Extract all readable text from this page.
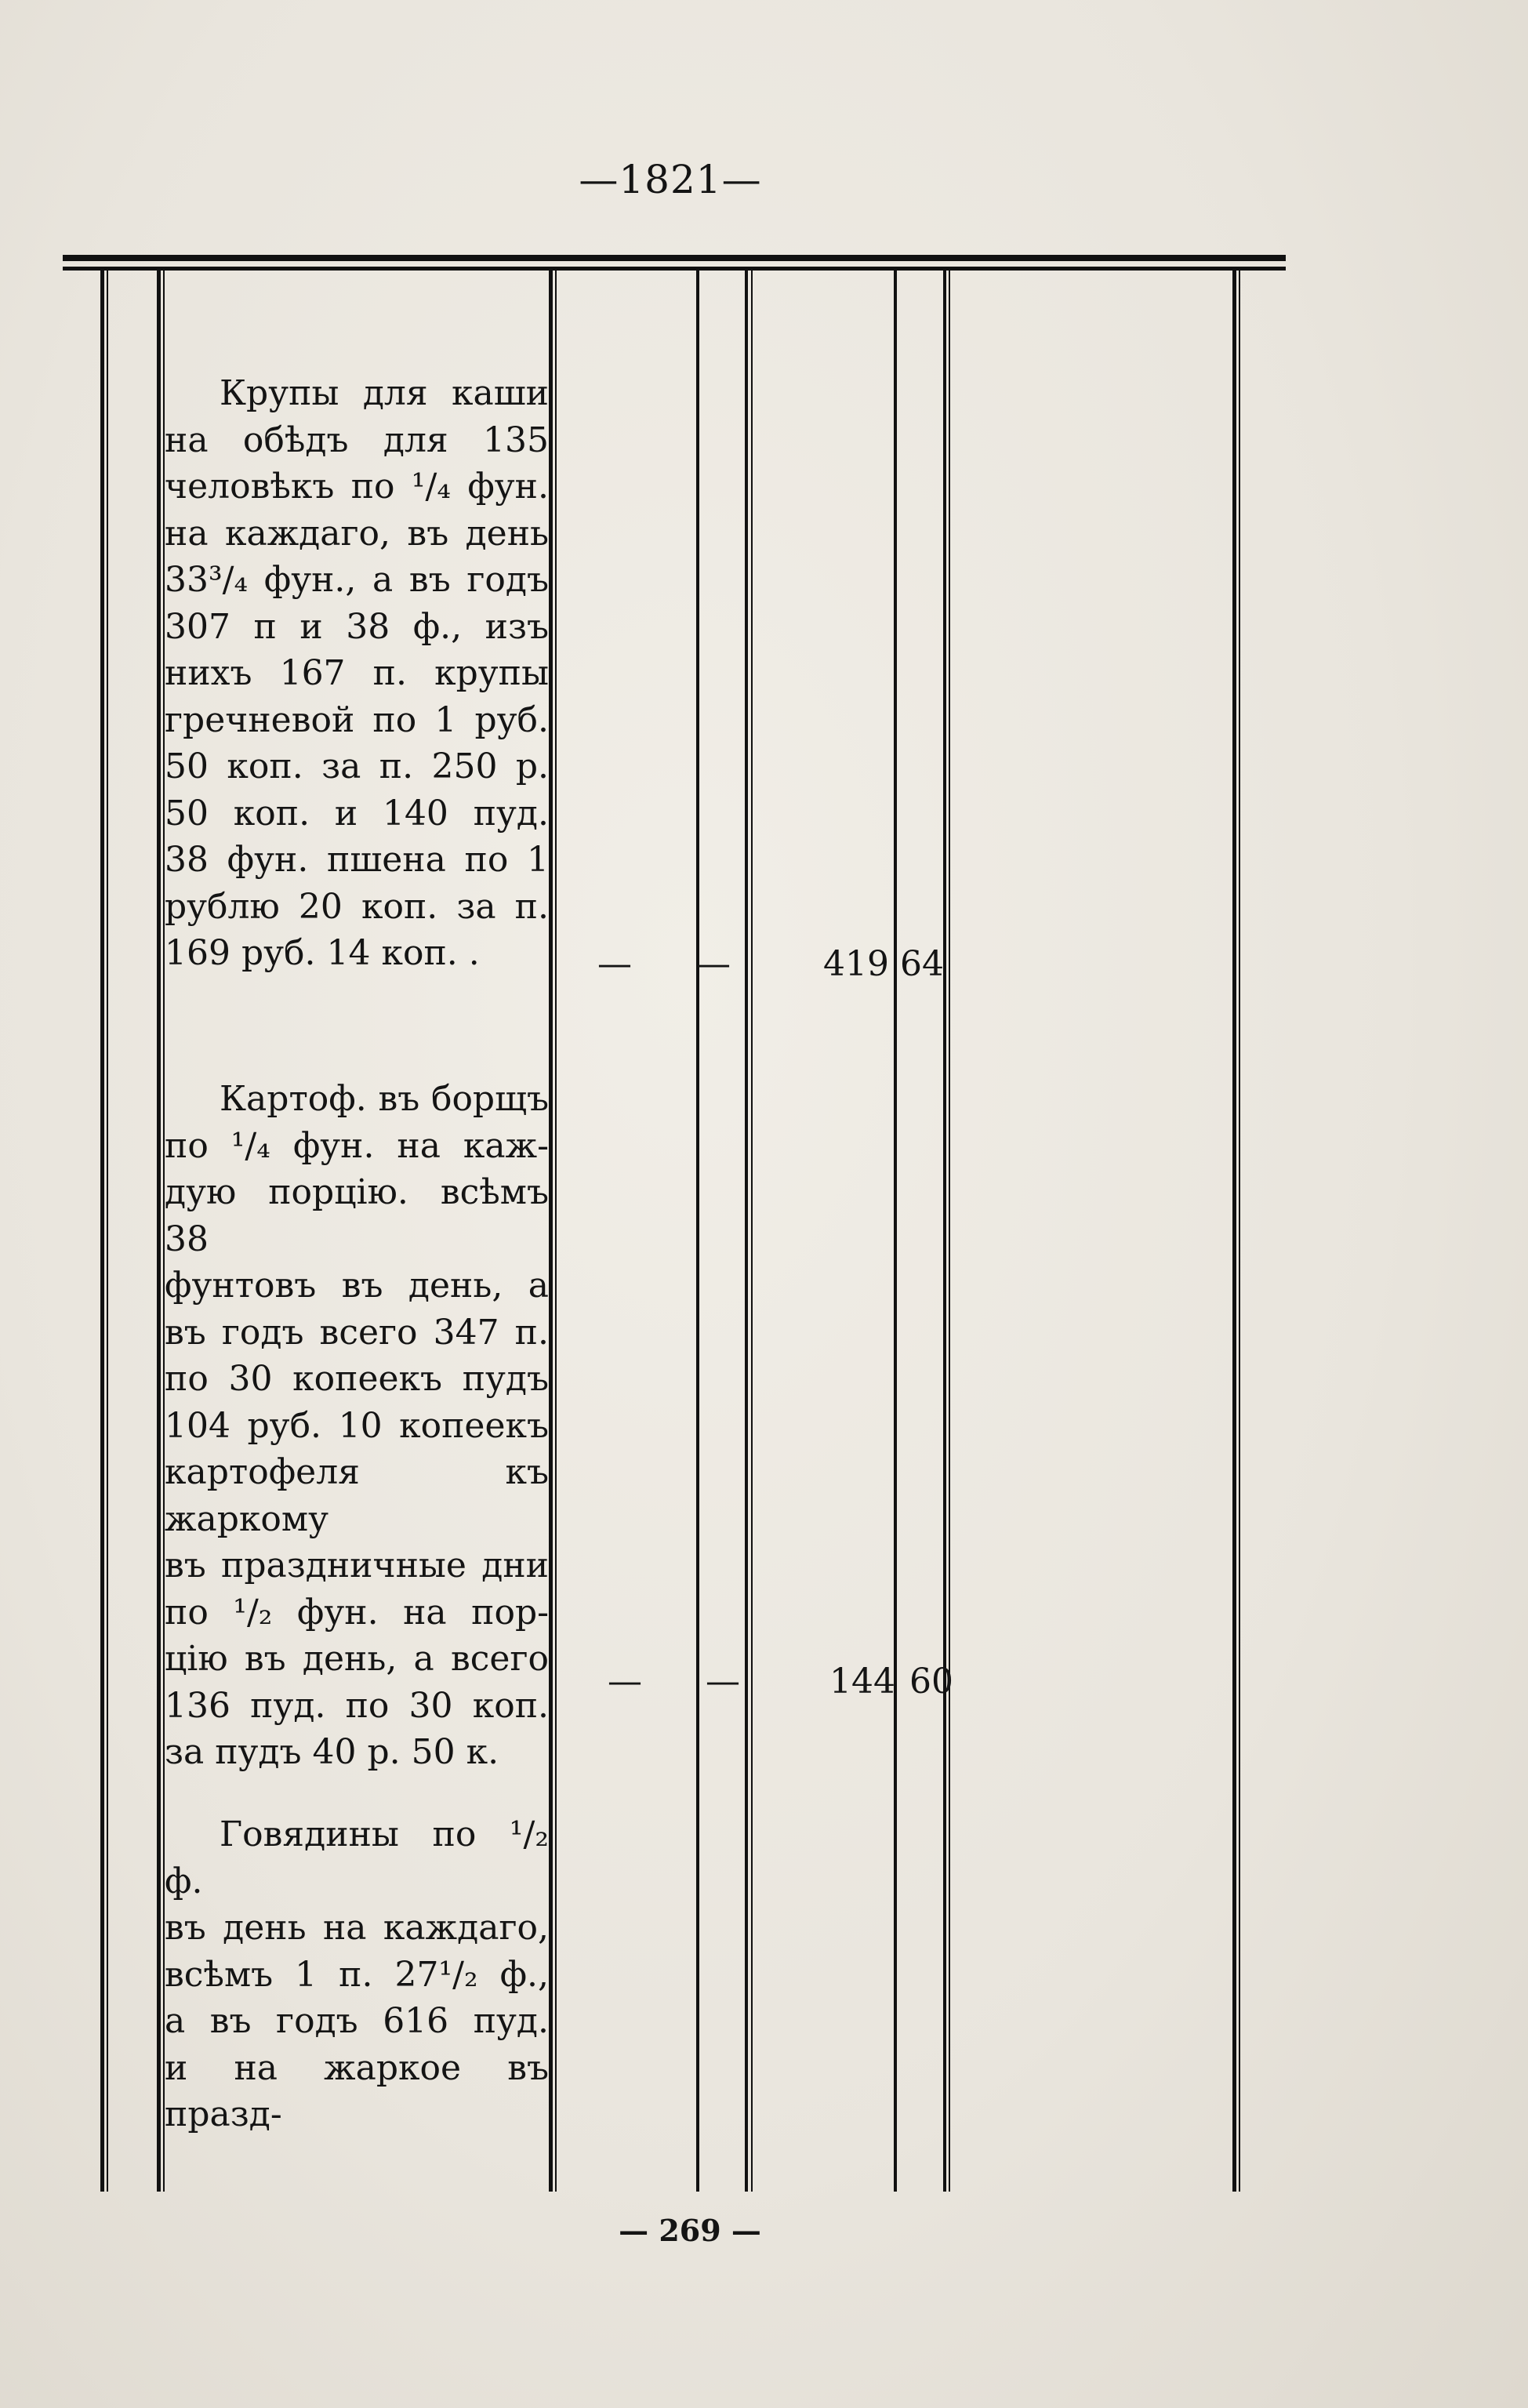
—1821—
Крупы для каши
на обѣдъ для 135
человѣкъ по ¹/₄ фун.
на каждаго, въ день
33³/₄ фун., а въ годъ
307 п и 38 ф., изъ
нихъ 167 п. крупы
гречневой по 1 руб.
50 коп. за п. 250 р.
50 коп. и 140 пуд.
38 фун. пшена по 1
рублю 20 коп. за п.
169 руб. 14 коп. .	— —	419 64
Картоф. въ борщъ
по ¹/₄ фун. на каж-
дую порцію. всѣмъ 38
фунтовъ въ день, а
въ годъ всего 347 п.
по 30 копеекъ пудъ
104 руб. 10 копеекъ
картофеля къ жаркому
въ праздничные дни
по ¹/₂ фун. на пор-
цію въ день, а всего
136 пуд. по 30 коп.
за пудъ 40 р. 50 к.
— —	144 60
Говядины по ¹/₂ ф.
въ день на каждаго,
всѣмъ 1 п. 27¹/₂ ф.,
а въ годъ 616 пуд.
и на жаркое въ празд-
— 269 —
